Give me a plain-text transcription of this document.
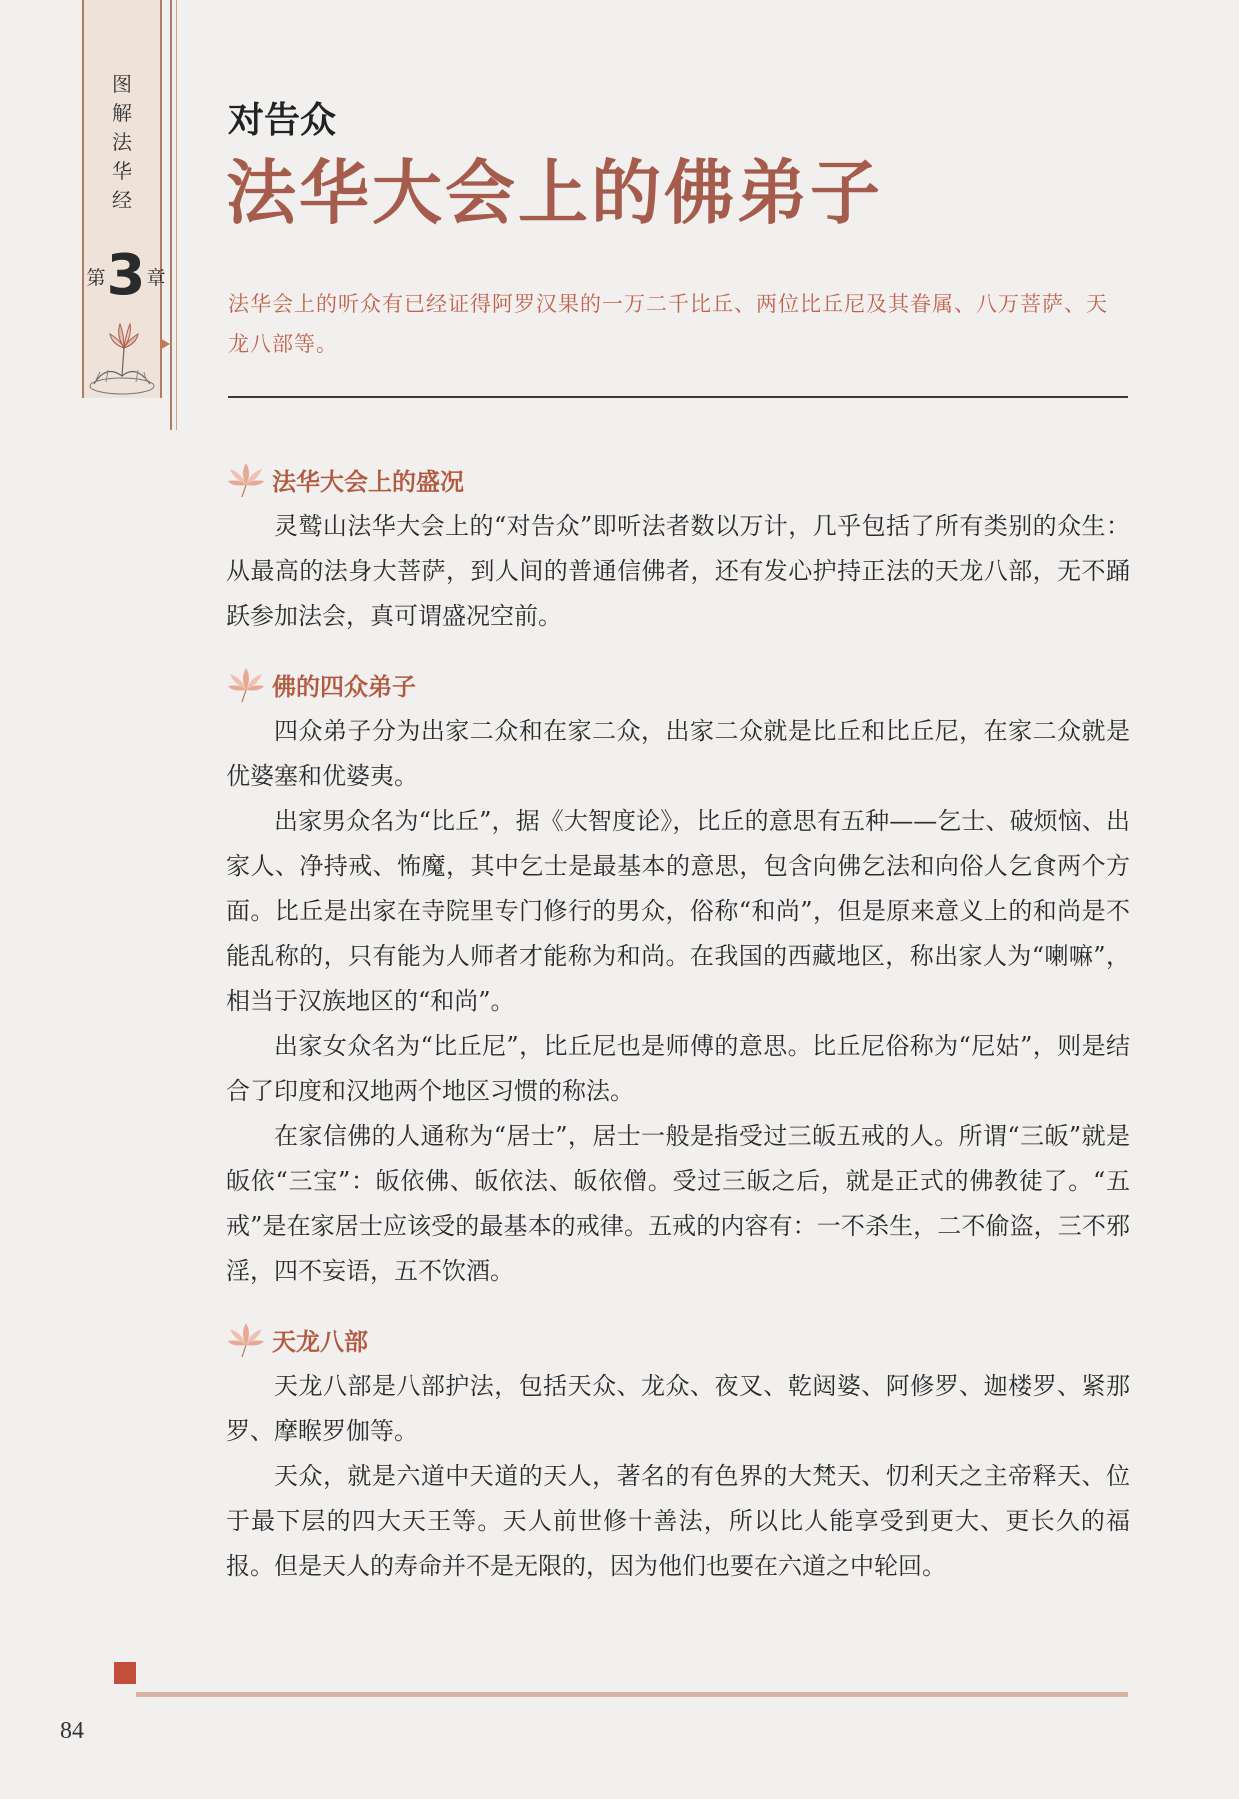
图
解
法
华
经
第 3 章
对告众
法华大会上的佛弟子
法华会上的听众有已经证得阿罗汉果的一万二千比丘、两位比丘尼及其眷属、八万菩萨、天龙八部等。
法华大会上的盛况

灵鹫山法华大会上的“对告众”即听法者数以万计，几乎包括了所有类别的众生：从最高的法身大菩萨，到人间的普通信佛者，还有发心护持正法的天龙八部，无不踊跃参加法会，真可谓盛况空前。

佛的四众弟子

四众弟子分为出家二众和在家二众，出家二众就是比丘和比丘尼，在家二众就是优婆塞和优婆夷。

出家男众名为“比丘”，据《大智度论》，比丘的意思有五种——乞士、破烦恼、出家人、净持戒、怖魔，其中乞士是最基本的意思，包含向佛乞法和向俗人乞食两个方面。比丘是出家在寺院里专门修行的男众，俗称“和尚”，但是原来意义上的和尚是不能乱称的，只有能为人师者才能称为和尚。在我国的西藏地区，称出家人为“喇嘛”，相当于汉族地区的“和尚”。

出家女众名为“比丘尼”，比丘尼也是师傅的意思。比丘尼俗称为“尼姑”，则是结合了印度和汉地两个地区习惯的称法。

在家信佛的人通称为“居士”，居士一般是指受过三皈五戒的人。所谓“三皈”就是皈依“三宝”：皈依佛、皈依法、皈依僧。受过三皈之后，就是正式的佛教徒了。“五戒”是在家居士应该受的最基本的戒律。五戒的内容有：一不杀生，二不偷盗，三不邪淫，四不妄语，五不饮酒。

天龙八部

天龙八部是八部护法，包括天众、龙众、夜叉、乾闼婆、阿修罗、迦楼罗、紧那罗、摩睺罗伽等。

天众，就是六道中天道的天人，著名的有色界的大梵天、忉利天之主帝释天、位于最下层的四大天王等。天人前世修十善法，所以比人能享受到更大、更长久的福报。但是天人的寿命并不是无限的，因为他们也要在六道之中轮回。

84
